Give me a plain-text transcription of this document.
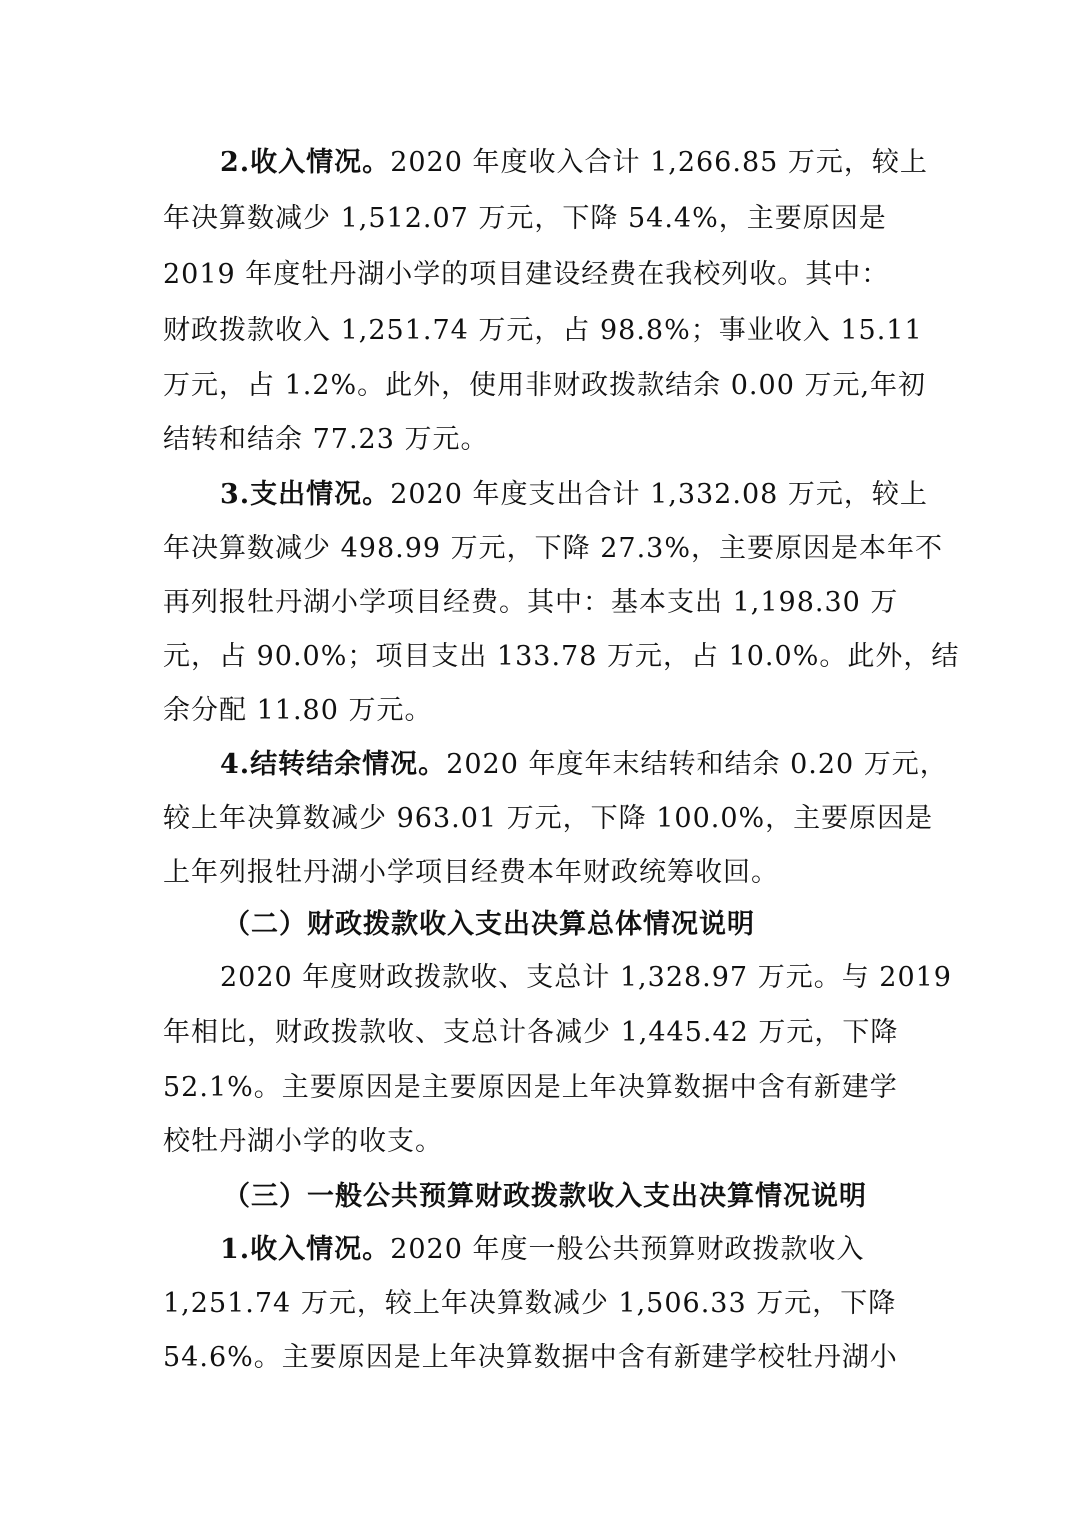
2.收入情况。2020 年度收入合计 1,266.85 万元，较上
年决算数减少 1,512.07 万元，下降 54.4%，主要原因是
2019 年度牡丹湖小学的项目建设经费在我校列收。其中：
财政拨款收入 1,251.74 万元，占 98.8%；事业收入 15.11
万元，占 1.2%。此外，使用非财政拨款结余 0.00 万元,年初
结转和结余 77.23 万元。
3.支出情况。2020 年度支出合计 1,332.08 万元，较上
年决算数减少 498.99 万元，下降 27.3%，主要原因是本年不
再列报牡丹湖小学项目经费。其中：基本支出 1,198.30 万
元，占 90.0%；项目支出 133.78 万元，占 10.0%。此外，结
余分配 11.80 万元。
4.结转结余情况。2020 年度年末结转和结余 0.20 万元，
较上年决算数减少 963.01 万元，下降 100.0%，主要原因是
上年列报牡丹湖小学项目经费本年财政统筹收回。
（二）财政拨款收入支出决算总体情况说明
2020 年度财政拨款收、支总计 1,328.97 万元。与 2019
年相比，财政拨款收、支总计各减少 1,445.42 万元，下降
52.1%。主要原因是主要原因是上年决算数据中含有新建学
校牡丹湖小学的收支。
（三）一般公共预算财政拨款收入支出决算情况说明
1.收入情况。2020 年度一般公共预算财政拨款收入
1,251.74 万元，较上年决算数减少 1,506.33 万元，下降
54.6%。主要原因是上年决算数据中含有新建学校牡丹湖小
